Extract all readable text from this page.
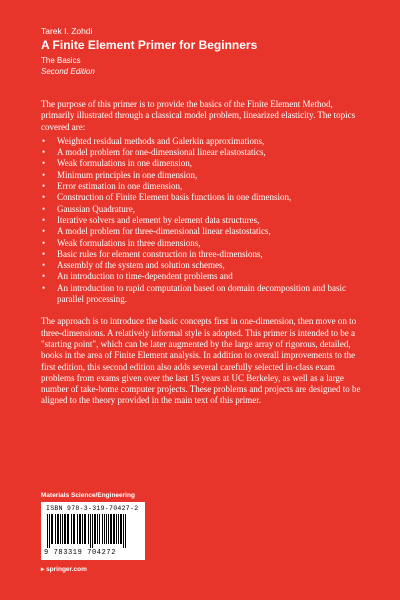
Tarek I. Zohdi
A Finite Element Primer for Beginners
The Basics
Second Edition

The purpose of this primer is to provide the basics of the Finite Element Method, primarily illustrated through a classical model problem, linearized elasticity. The topics covered are:

• Weighted residual methods and Galerkin approximations,
• A model problem for one-dimensional linear elastostatics,
• Weak formulations in one dimension,
• Minimum principles in one dimension,
• Error estimation in one dimension,
• Construction of Finite Element basis functions in one dimension,
• Gaussian Quadrature,
• Iterative solvers and element by element data structures,
• A model problem for three-dimensional linear elastostatics,
• Weak formulations in three dimensions,
• Basic rules for element construction in three-dimensions,
• Assembly of the system and solution schemes,
• An introduction to time-dependent problems and
• An introduction to rapid computation based on domain decomposition and basic parallel processing.

The approach is to introduce the basic concepts first in one-dimension, then move on to three-dimensions. A relatively informal style is adopted. This primer is intended to be a "starting point", which can be later augmented by the large array of rigorous, detailed, books in the area of Finite Element analysis. In addition to overall improvements to the first edition, this second edition also adds several carefully selected in-class exam problems from exams given over the last 15 years at UC Berkeley, as well as a large number of take-home computer projects. These problems and projects are designed to be aligned to the theory provided in the main text of this primer.

Materials Science/Engineering
ISBN 978-3-319-70427-2
9 783319 704272
▸ springer.com
